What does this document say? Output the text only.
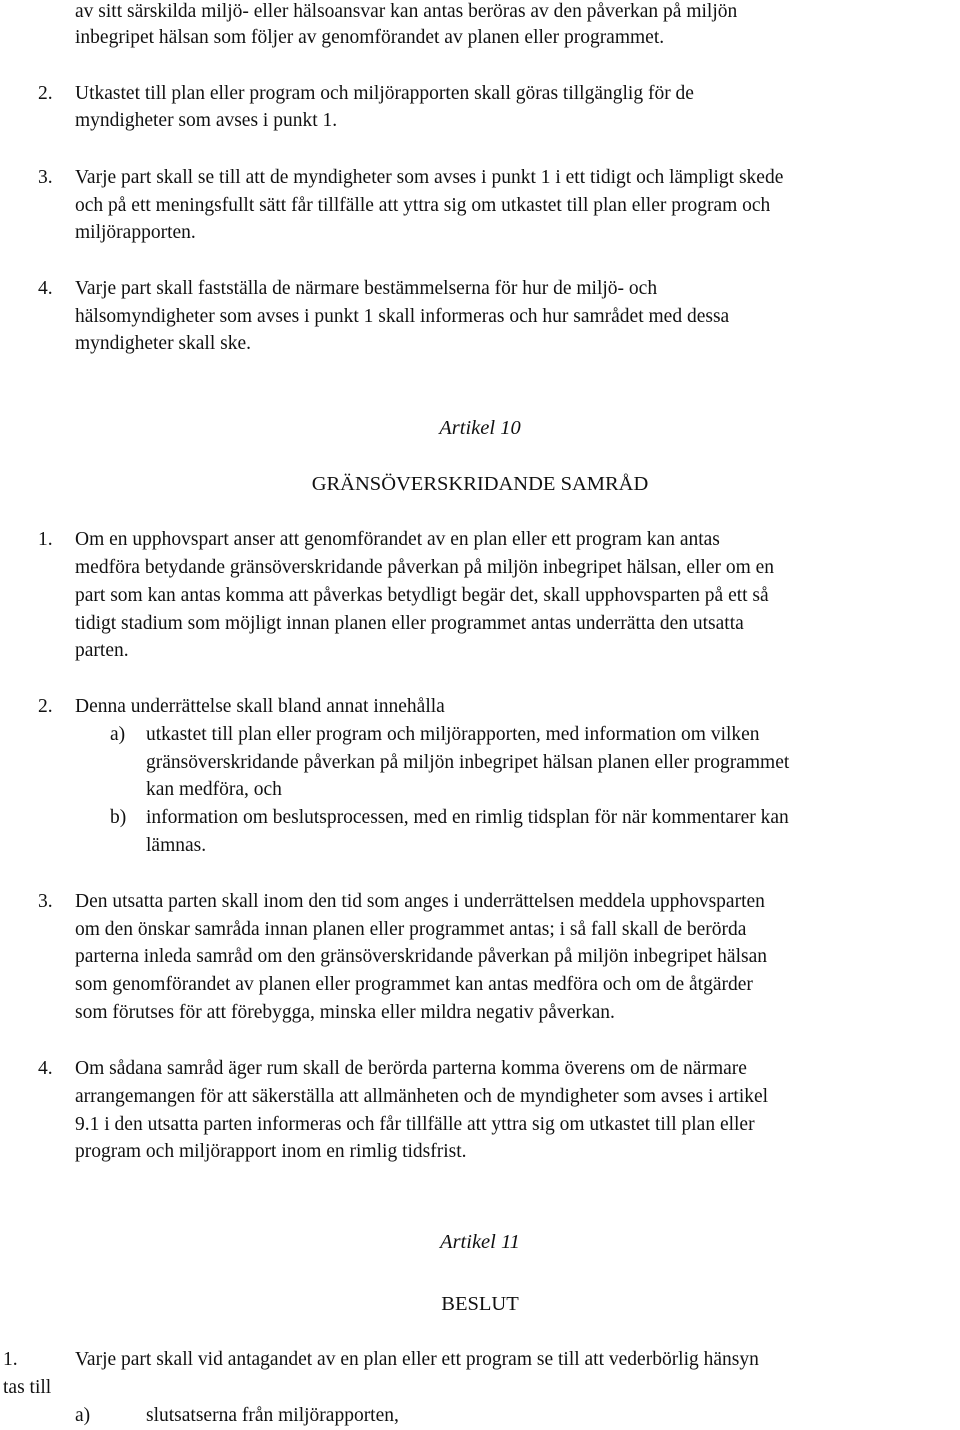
av sitt särskilda miljö- eller hälsoansvar kan antas beröras av den påverkan på miljön
inbegripet hälsan som följer av genomförandet av planen eller programmet.
2. Utkastet till plan eller program och miljörapporten skall göras tillgänglig för de
myndigheter som avses i punkt 1.
3. Varje part skall se till att de myndigheter som avses i punkt 1 i ett tidigt och lämpligt skede
och på ett meningsfullt sätt får tillfälle att yttra sig om utkastet till plan eller program och
miljörapporten.
4. Varje part skall fastställa de närmare bestämmelserna för hur de miljö- och
hälsomyndigheter som avses i punkt 1 skall informeras och hur samrådet med dessa
myndigheter skall ske.
Artikel 10
GRÄNSÖVERSKRIDANDE SAMRÅD
1. Om en upphovspart anser att genomförandet av en plan eller ett program kan antas
medföra betydande gränsöverskridande påverkan på miljön inbegripet hälsan, eller om en
part som kan antas komma att påverkas betydligt begär det, skall upphovsparten på ett så
tidigt stadium som möjligt innan planen eller programmet antas underrätta den utsatta
parten.
2. Denna underrättelse skall bland annat innehålla
a) utkastet till plan eller program och miljörapporten, med information om vilken
gränsöverskridande påverkan på miljön inbegripet hälsan planen eller programmet
kan medföra, och
b) information om beslutsprocessen, med en rimlig tidsplan för när kommentarer kan
lämnas.
3. Den utsatta parten skall inom den tid som anges i underrättelsen meddela upphovsparten
om den önskar samråda innan planen eller programmet antas; i så fall skall de berörda
parterna inleda samråd om den gränsöverskridande påverkan på miljön inbegripet hälsan
som genomförandet av planen eller programmet kan antas medföra och om de åtgärder
som förutses för att förebygga, minska eller mildra negativ påverkan.
4. Om sådana samråd äger rum skall de berörda parterna komma överens om de närmare
arrangemangen för att säkerställa att allmänheten och de myndigheter som avses i artikel
9.1 i den utsatta parten informeras och får tillfälle att yttra sig om utkastet till plan eller
program och miljörapport inom en rimlig tidsfrist.
Artikel 11
BESLUT
1.	Varje part skall vid antagandet av en plan eller ett program se till att vederbörlig hänsyn
tas till
a)	slutsatserna från miljörapporten,
